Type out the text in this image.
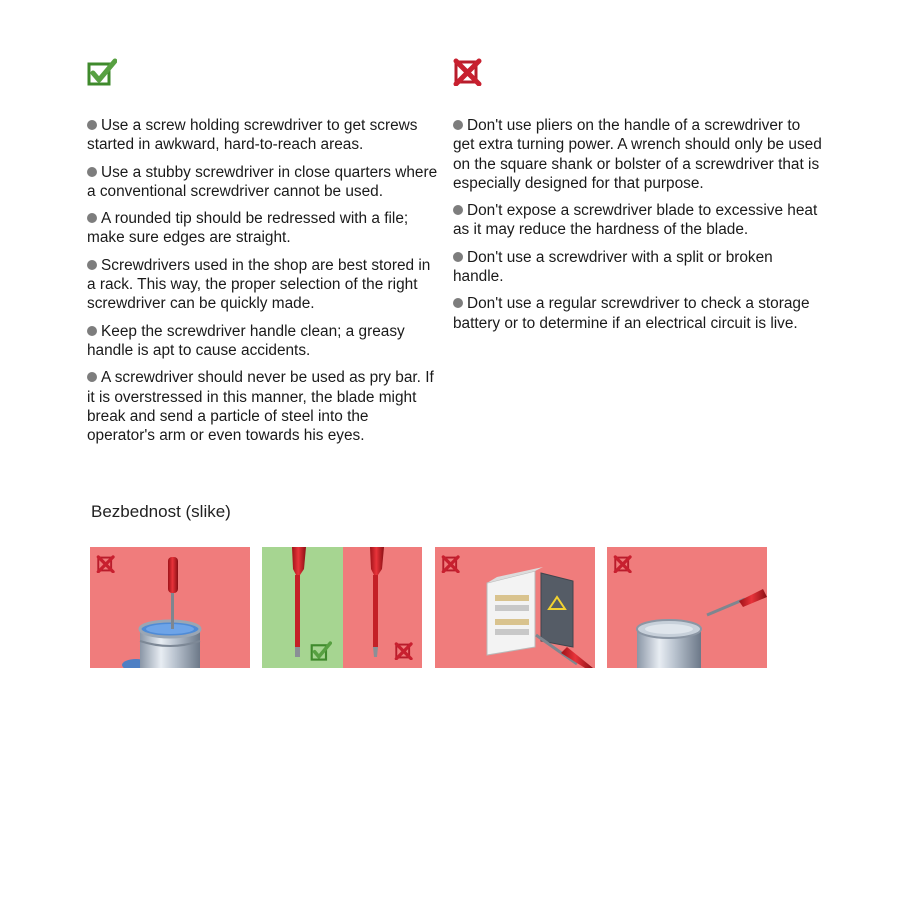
Use a screw holding screwdriver to get screws started in awkward, hard-to-reach areas.
Use a stubby screwdriver in close quarters where a conventional screwdriver cannot be used.
A rounded tip should be redressed with a file; make sure edges are straight.
Screwdrivers used in the shop are best stored in a rack. This way, the proper selection of the right screwdriver can be quickly made.
Keep the screwdriver handle clean; a greasy handle is apt to cause accidents.
A screwdriver should never be used as pry bar. If it is overstressed in this manner, the blade might break and send a particle of steel into the operator's arm or even towards his eyes.
Don't use pliers on the handle of a screwdriver to get extra turning power. A wrench should only be used on the square shank or bolster of a screwdriver that is especially designed for that purpose.
Don't expose a screwdriver blade to excessive heat as it may reduce the hardness of the blade.
Don't use a screwdriver with a split or broken handle.
Don't use a regular screwdriver to check a storage battery or to determine if an electrical circuit is live.
Bezbednost (slike)
